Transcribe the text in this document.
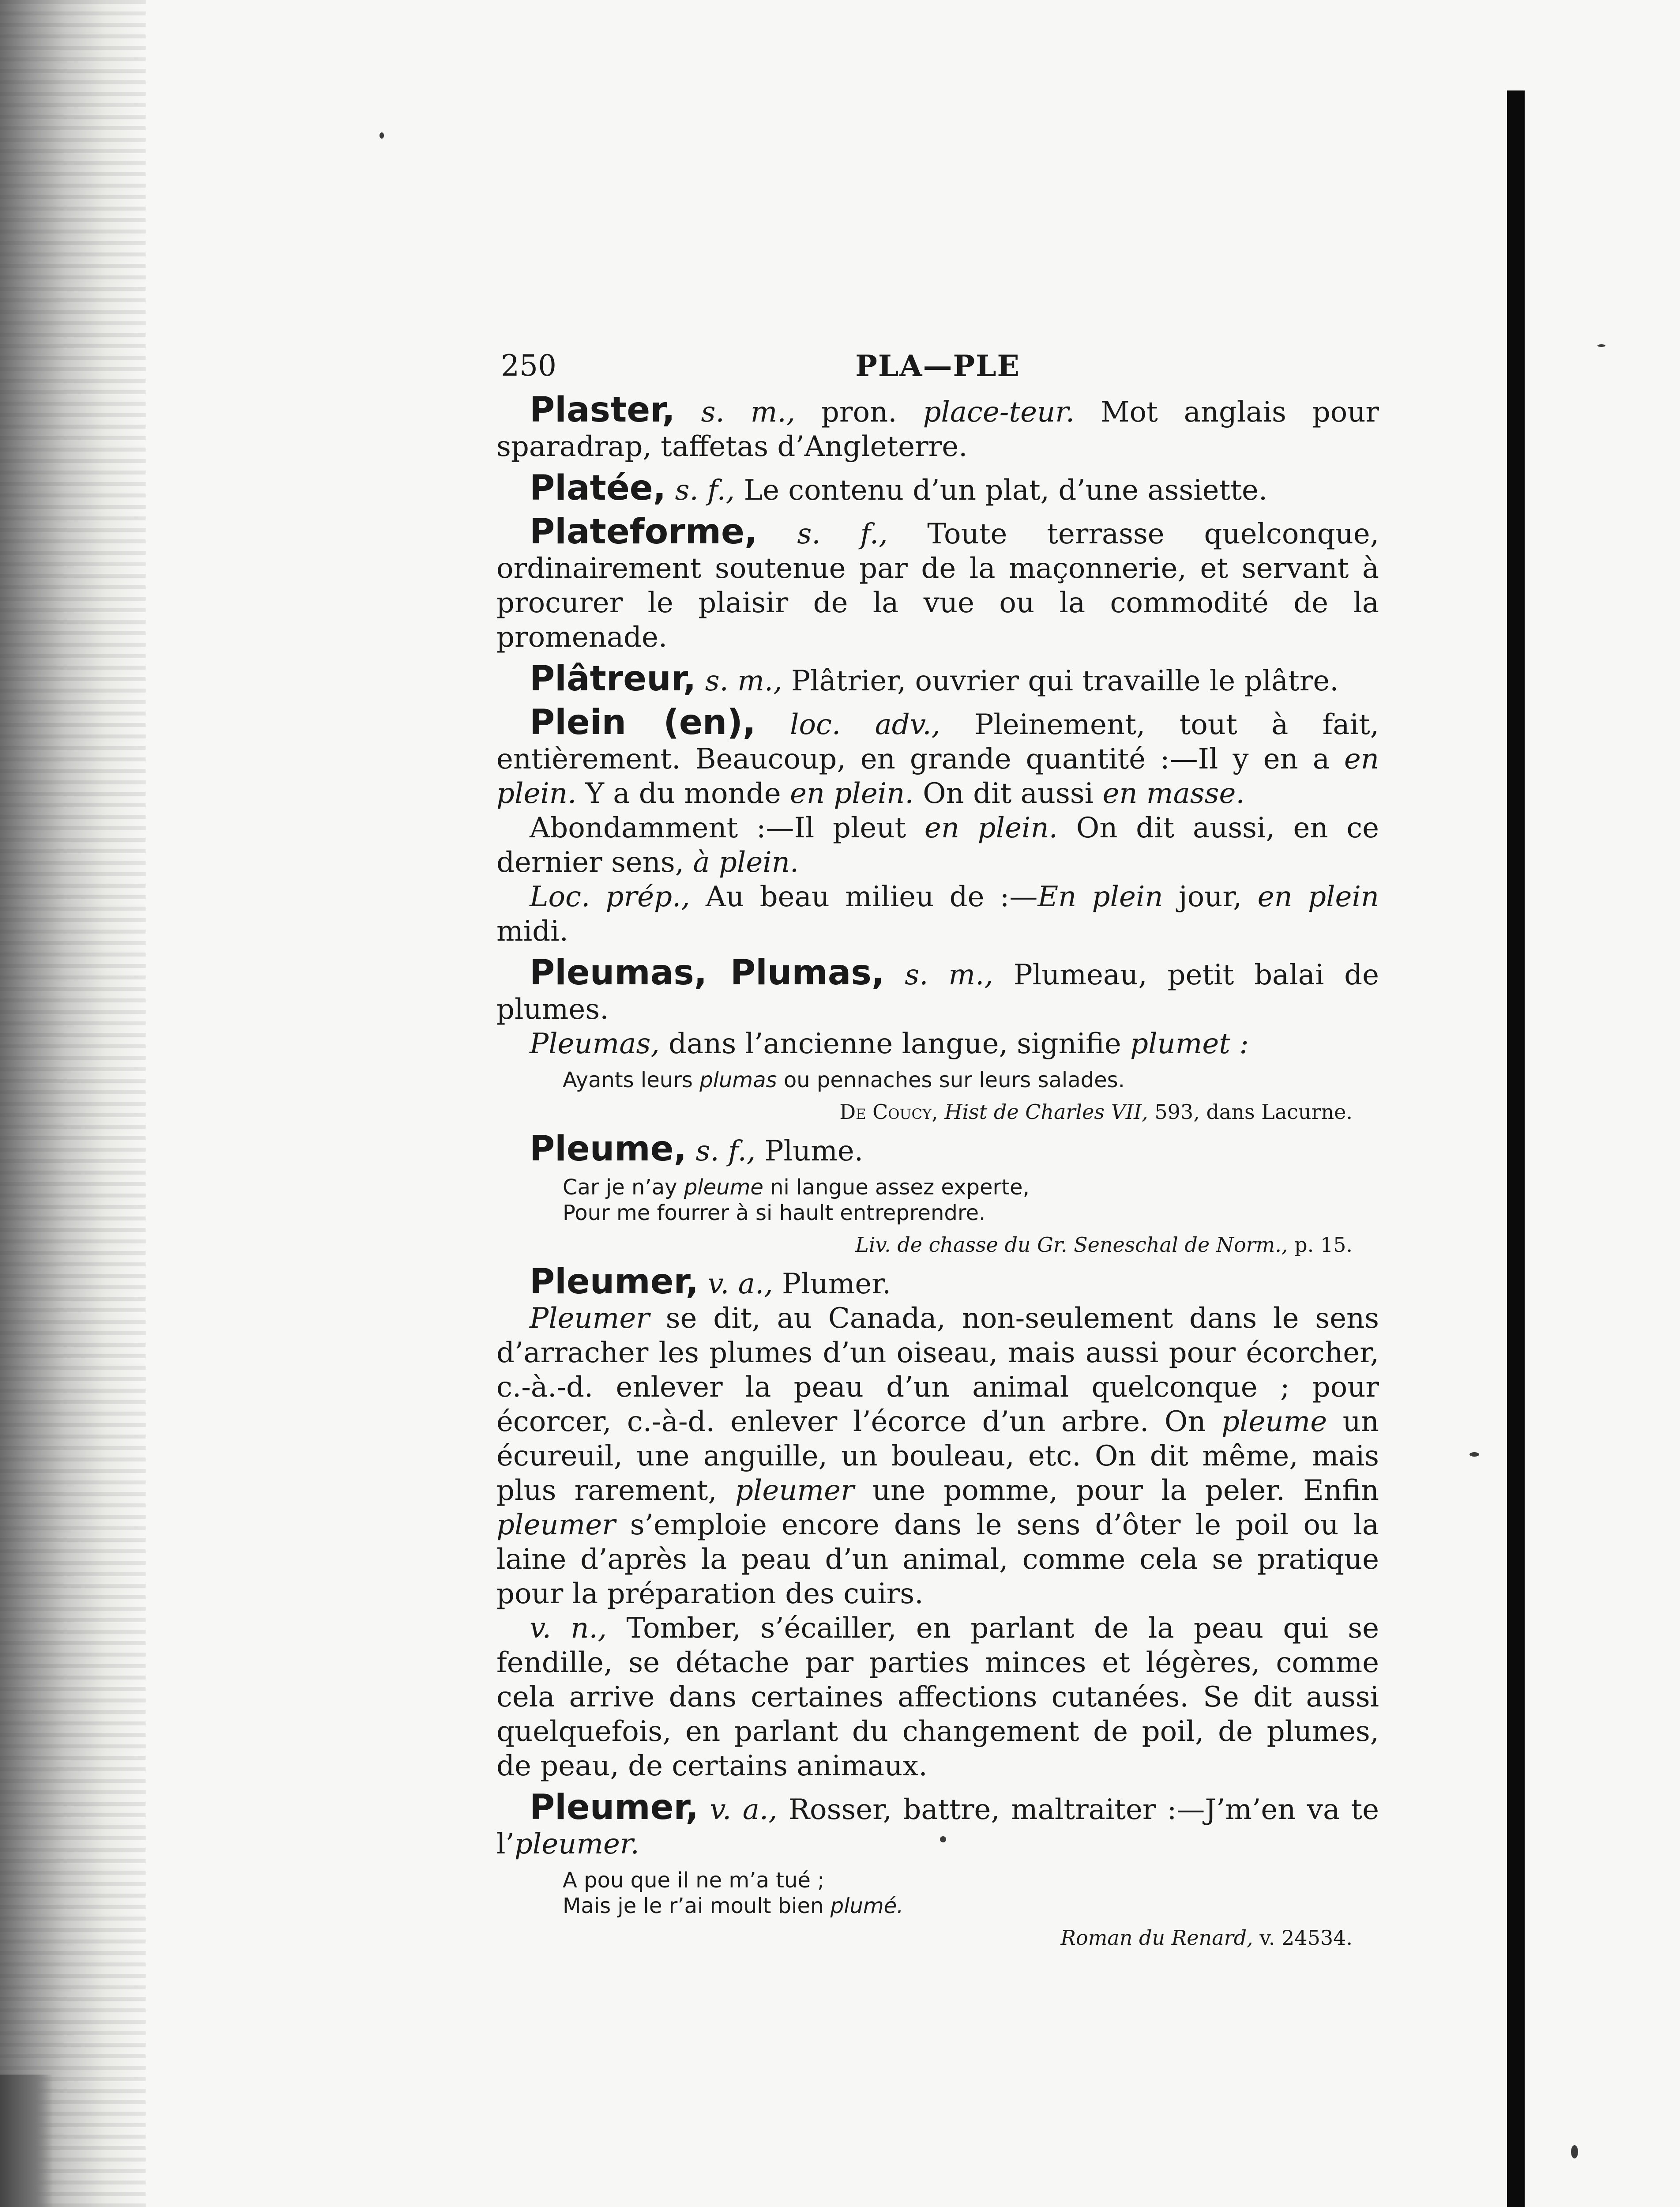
250	PLA—PLE

Plaster, s. m., pron. place-teur. Mot anglais pour sparadrap, taffetas d’Angleterre.

Platée, s. f., Le contenu d’un plat, d’une assiette.

Plateforme, s. f., Toute terrasse quelconque, ordinairement soutenue par de la maçonnerie, et servant à procurer le plaisir de la vue ou la commodité de la promenade.

Plâtreur, s. m., Plâtrier, ouvrier qui travaille le plâtre.

Plein (en), loc. adv., Pleinement, tout à fait, entièrement. Beaucoup, en grande quantité :—Il y en a en plein. Y a du monde en plein. On dit aussi en masse.

Abondamment :—Il pleut en plein. On dit aussi, en ce dernier sens, à plein.

Loc. prép., Au beau milieu de :—En plein jour, en plein midi.

Pleumas, Plumas, s. m., Plumeau, petit balai de plumes.

Pleumas, dans l’ancienne langue, signifie plumet :

Ayants leurs plumas ou pennaches sur leurs salades.
De Coucy, Hist de Charles VII, 593, dans Lacurne.

Pleume, s. f., Plume.

Car je n’ay pleume ni langue assez experte,
Pour me fourrer à si hault entreprendre.
Liv. de chasse du Gr. Seneschal de Norm., p. 15.

Pleumer, v. a., Plumer.

Pleumer se dit, au Canada, non-seulement dans le sens d’arracher les plumes d’un oiseau, mais aussi pour écorcher, c.-à.-d. enlever la peau d’un animal quelconque ; pour écorcer, c.-à-d. enlever l’écorce d’un arbre. On pleume un écureuil, une anguille, un bouleau, etc. On dit même, mais plus rarement, pleumer une pomme, pour la peler. Enfin pleumer s’emploie encore dans le sens d’ôter le poil ou la laine d’après la peau d’un animal, comme cela se pratique pour la préparation des cuirs.

v. n., Tomber, s’écailler, en parlant de la peau qui se fendille, se détache par parties minces et légères, comme cela arrive dans certaines affections cutanées. Se dit aussi quelquefois, en parlant du changement de poil, de plumes, de peau, de certains animaux.

Pleumer, v. a., Rosser, battre, maltraiter :—J’m’en va te l’pleumer.

A pou que il ne m’a tué ;
Mais je le r’ai moult bien plumé.
Roman du Renard, v. 24534.
